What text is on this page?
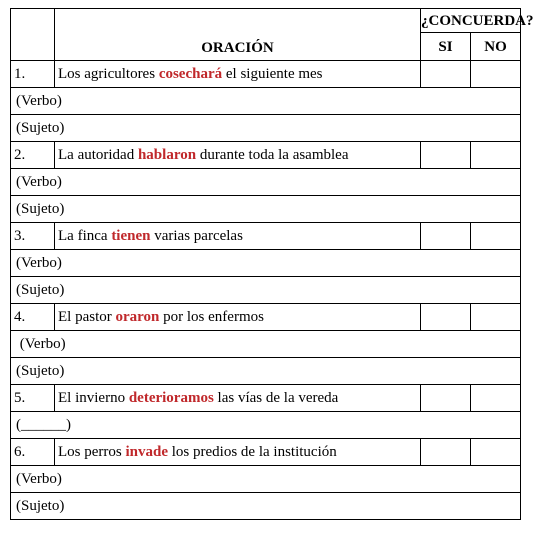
	ORACIÓN	¿CONCUERDA?	
		SI	NO
1.	Los agricultores cosechará el siguiente mes		
(Verbo)			
(Sujeto)			
2.	La autoridad hablaron durante toda la asamblea		
(Verbo)			
(Sujeto)			
3.	La finca tienen varias parcelas		
(Verbo)			
(Sujeto)			
4.	El pastor oraron por los enfermos		
(Verbo)			
(Sujeto)			
5.	El invierno deterioramos las vías de la vereda		
(______)			
6.	Los perros invade los predios de la institución		
(Verbo)			
(Sujeto)			
